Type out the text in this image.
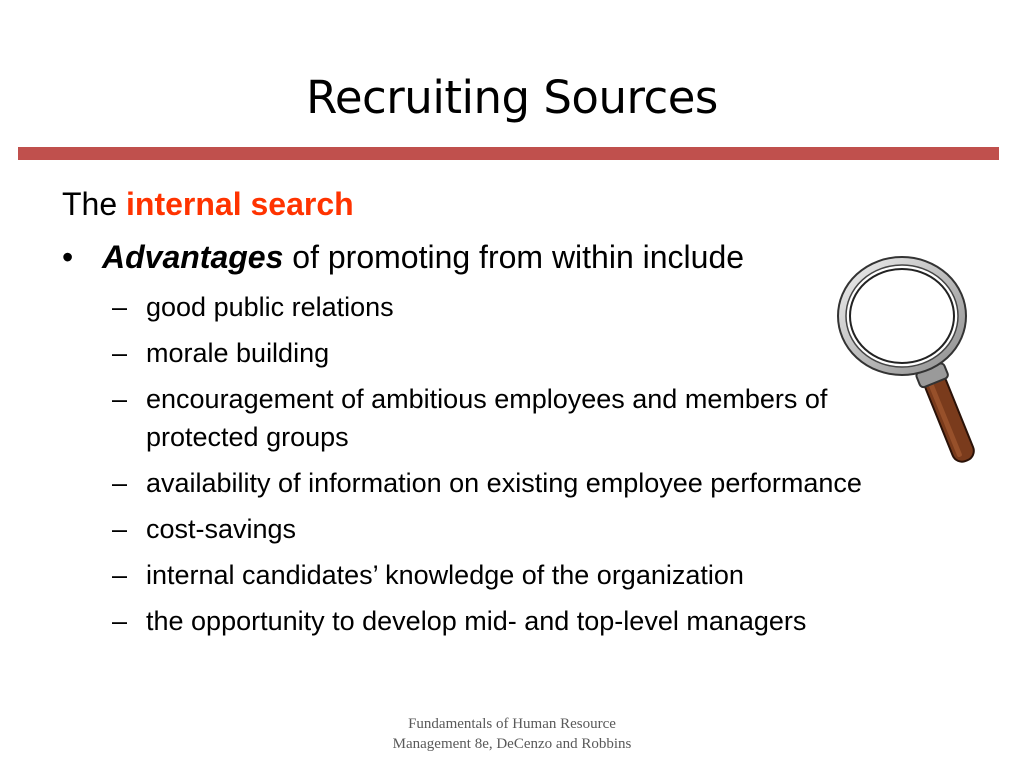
Recruiting Sources
The internal search
• Advantages of promoting from within include
– good public relations
– morale building
– encouragement of ambitious employees and members of protected groups
– availability of information on existing employee performance
– cost-savings
– internal candidates’ knowledge of the organization
– the opportunity to develop mid- and top-level managers
Fundamentals of Human Resource
Management 8e, DeCenzo and Robbins
